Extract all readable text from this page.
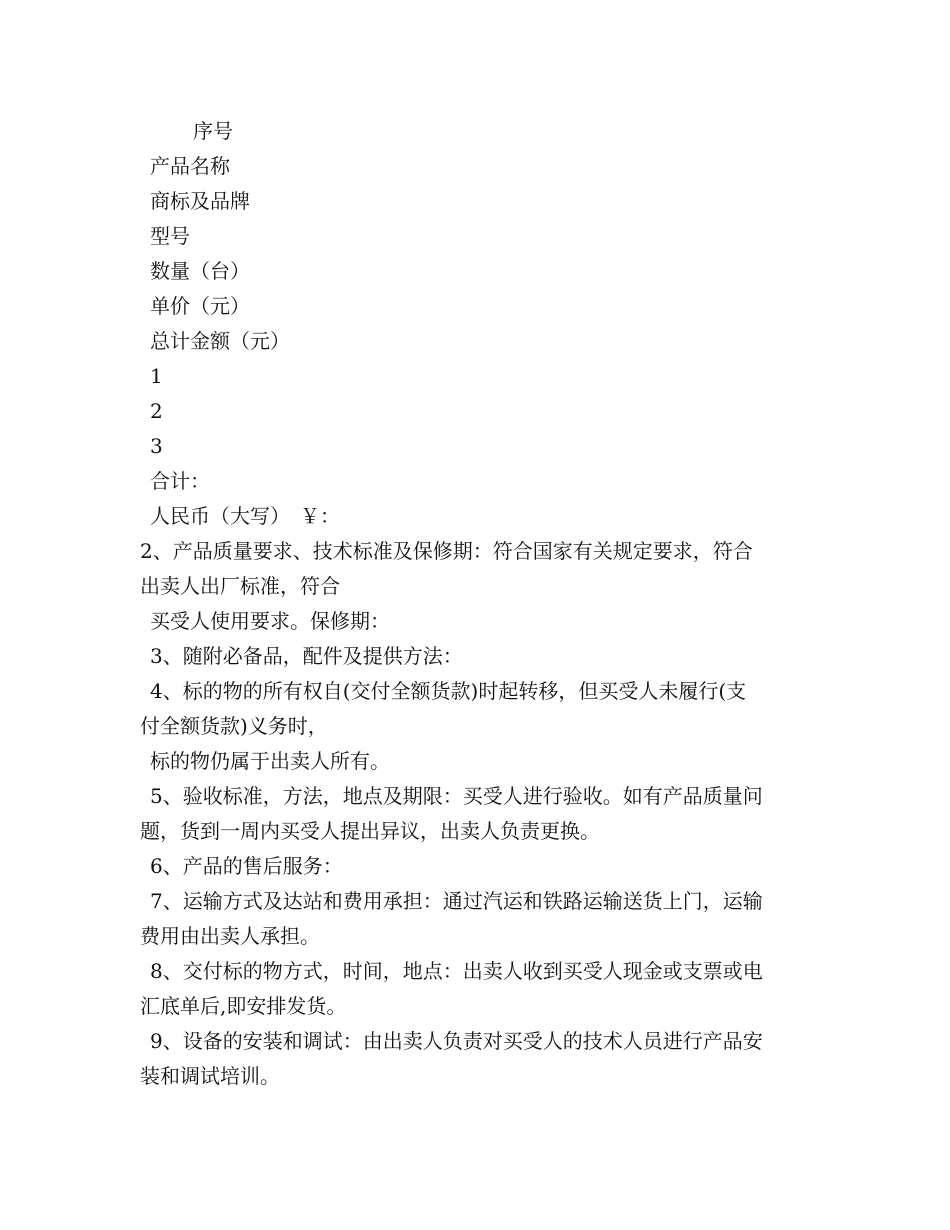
序号
产品名称
商标及品牌
型号
数量（台）
单价（元）
总计金额（元）
1
2
3
合计：
人民币（大写）　￥：
2、产品质量要求、技术标准及保修期：符合国家有关规定要求，符合
出卖人出厂标准，符合
买受人使用要求。保修期：
3、随附必备品，配件及提供方法：
4、标的物的所有权自(交付全额货款)时起转移，但买受人未履行(支
付全额货款)义务时，
标的物仍属于出卖人所有。
5、验收标准，方法，地点及期限：买受人进行验收。如有产品质量问
题，货到一周内买受人提出异议，出卖人负责更换。
6、产品的售后服务：
7、运输方式及达站和费用承担：通过汽运和铁路运输送货上门，运输
费用由出卖人承担。
8、交付标的物方式，时间，地点：出卖人收到买受人现金或支票或电
汇底单后,即安排发货。
9、设备的安装和调试：由出卖人负责对买受人的技术人员进行产品安
装和调试培训。
